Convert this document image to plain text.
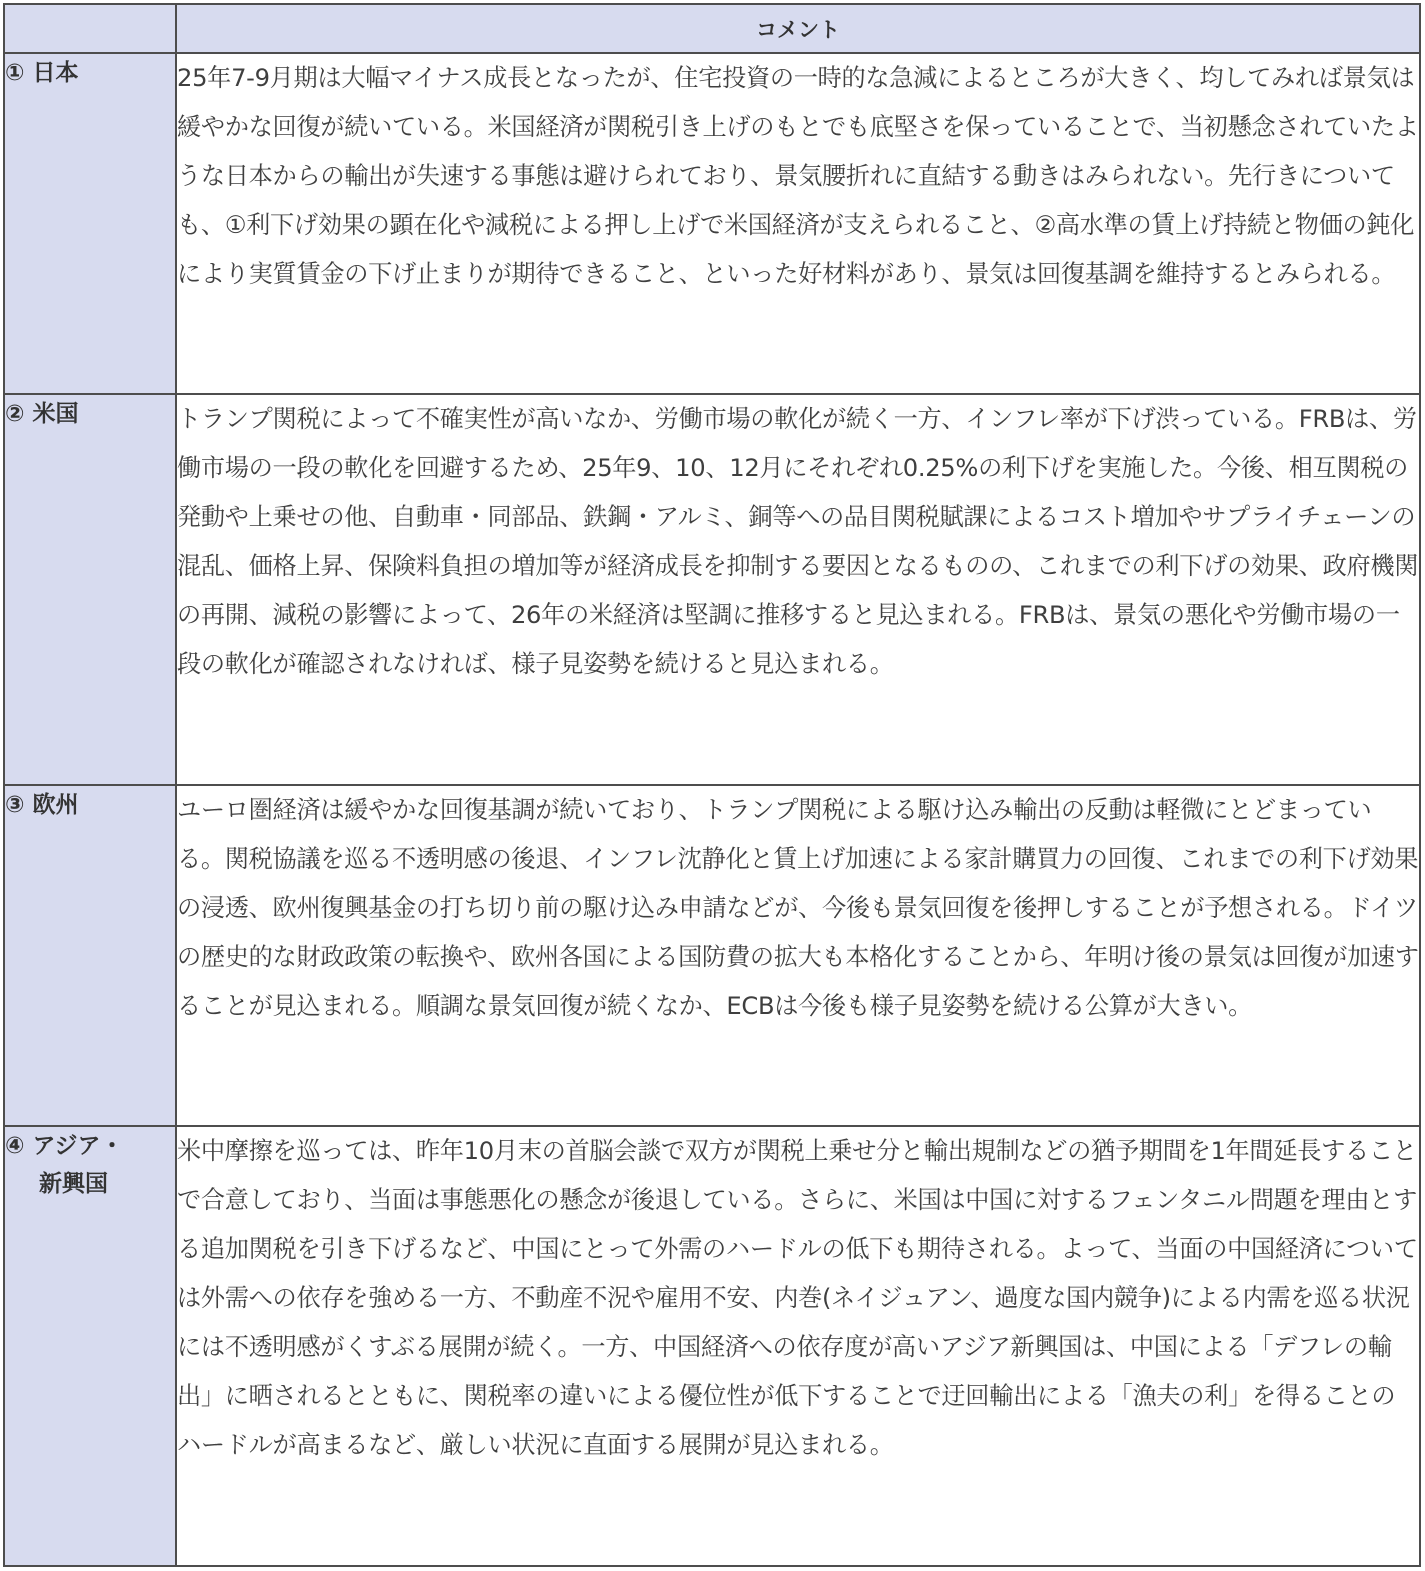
	コメント

① 日本	25年7-9月期は大幅マイナス成長となったが、住宅投資の一時的な急減によるところが大きく、均してみれば景気は緩やかな回復が続いている。米国経済が関税引き上げのもとでも底堅さを保っていることで、当初懸念されていたような日本からの輸出が失速する事態は避けられており、景気腰折れに直結する動きはみられない。先行きについても、①利下げ効果の顕在化や減税による押し上げで米国経済が支えられること、②高水準の賃上げ持続と物価の鈍化により実質賃金の下げ止まりが期待できること、といった好材料があり、景気は回復基調を維持するとみられる。

② 米国	トランプ関税によって不確実性が高いなか、労働市場の軟化が続く一方、インフレ率が下げ渋っている。FRBは、労働市場の一段の軟化を回避するため、25年9、10、12月にそれぞれ0.25%の利下げを実施した。今後、相互関税の発動や上乗せの他、自動車・同部品、鉄鋼・アルミ、銅等への品目関税賦課によるコスト増加やサプライチェーンの混乱、価格上昇、保険料負担の増加等が経済成長を抑制する要因となるものの、これまでの利下げの効果、政府機関の再開、減税の影響によって、26年の米経済は堅調に推移すると見込まれる。FRBは、景気の悪化や労働市場の一段の軟化が確認されなければ、様子見姿勢を続けると見込まれる。

③ 欧州	ユーロ圏経済は緩やかな回復基調が続いており、トランプ関税による駆け込み輸出の反動は軽微にとどまっている。関税協議を巡る不透明感の後退、インフレ沈静化と賃上げ加速による家計購買力の回復、これまでの利下げ効果の浸透、欧州復興基金の打ち切り前の駆け込み申請などが、今後も景気回復を後押しすることが予想される。ドイツの歴史的な財政政策の転換や、欧州各国による国防費の拡大も本格化することから、年明け後の景気は回復が加速することが見込まれる。順調な景気回復が続くなか、ECBは今後も様子見姿勢を続ける公算が大きい。

④ アジア・
新興国	米中摩擦を巡っては、昨年10月末の首脳会談で双方が関税上乗せ分と輸出規制などの猶予期間を1年間延長することで合意しており、当面は事態悪化の懸念が後退している。さらに、米国は中国に対するフェンタニル問題を理由とする追加関税を引き下げるなど、中国にとって外需のハードルの低下も期待される。よって、当面の中国経済については外需への依存を強める一方、不動産不況や雇用不安、内巻(ネイジュアン、過度な国内競争)による内需を巡る状況には不透明感がくすぶる展開が続く。一方、中国経済への依存度が高いアジア新興国は、中国による「デフレの輸出」に晒されるとともに、関税率の違いによる優位性が低下することで迂回輸出による「漁夫の利」を得ることのハードルが高まるなど、厳しい状況に直面する展開が見込まれる。
